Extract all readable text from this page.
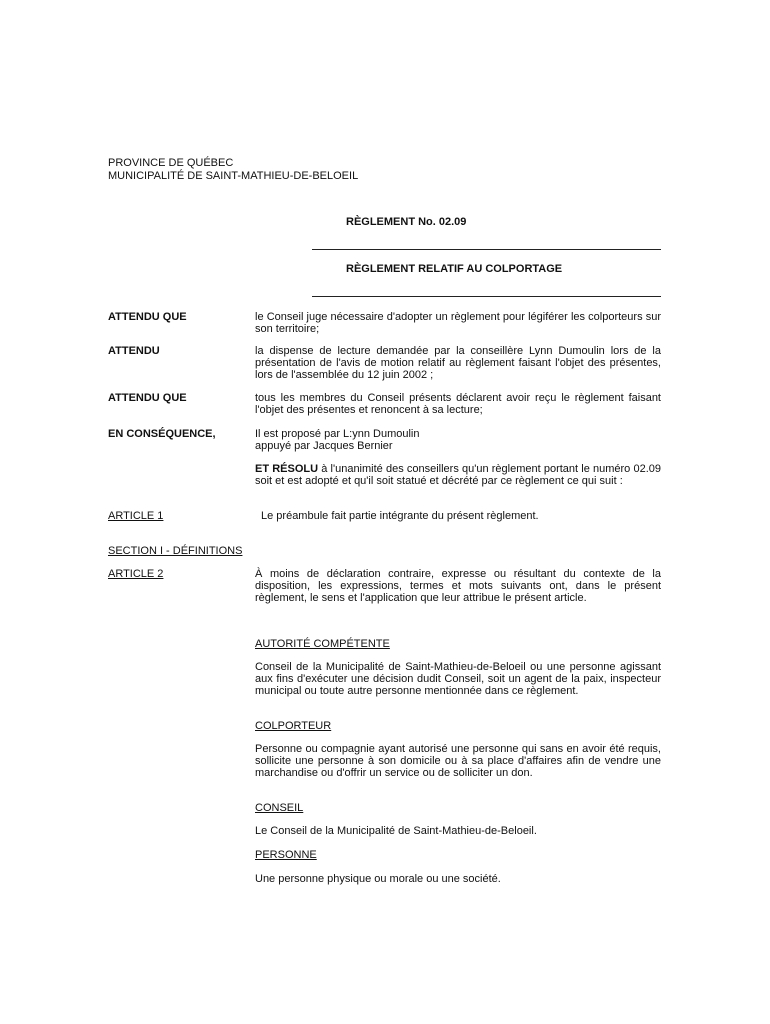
PROVINCE DE QUÉBEC
MUNICIPALITÉ DE SAINT-MATHIEU-DE-BELOEIL
RÈGLEMENT No. 02.09
RÈGLEMENT RELATIF AU COLPORTAGE
ATTENDU QUE	le Conseil juge nécessaire d'adopter un règlement pour légiférer les colporteurs sur son territoire;
ATTENDU	la dispense de lecture demandée par la conseillère Lynn Dumoulin lors de la présentation de l'avis de motion relatif au règlement faisant l'objet des présentes, lors de l'assemblée du 12 juin 2002 ;
ATTENDU QUE	tous les membres du Conseil présents déclarent avoir reçu le règlement faisant l'objet des présentes et renoncent à sa lecture;
EN CONSÉQUENCE,	Il est proposé par L:ynn Dumoulin
appuyé par Jacques Bernier
ET RÉSOLU à l'unanimité des conseillers qu'un règlement portant le numéro 02.09 soit et est adopté et qu'il soit statué et décrété par ce règlement ce qui suit :
ARTICLE 1	Le préambule fait partie intégrante du présent règlement.
SECTION I - DÉFINITIONS
ARTICLE 2	À moins de déclaration contraire, expresse ou résultant du contexte de la disposition, les expressions, termes et mots suivants ont, dans le présent règlement, le sens et l'application que leur attribue le présent article.
AUTORITÉ COMPÉTENTE
Conseil de la Municipalité de Saint-Mathieu-de-Beloeil ou une personne agissant aux fins d'exécuter une décision dudit Conseil, soit un agent de la paix, inspecteur municipal ou toute autre personne mentionnée dans ce règlement.
COLPORTEUR
Personne ou compagnie ayant autorisé une personne qui sans en avoir été requis, sollicite une personne à son domicile ou à sa place d'affaires afin de vendre une marchandise ou d'offrir un service ou de solliciter un don.
CONSEIL
Le Conseil de la Municipalité de Saint-Mathieu-de-Beloeil.
PERSONNE
Une personne physique ou morale ou une société.
